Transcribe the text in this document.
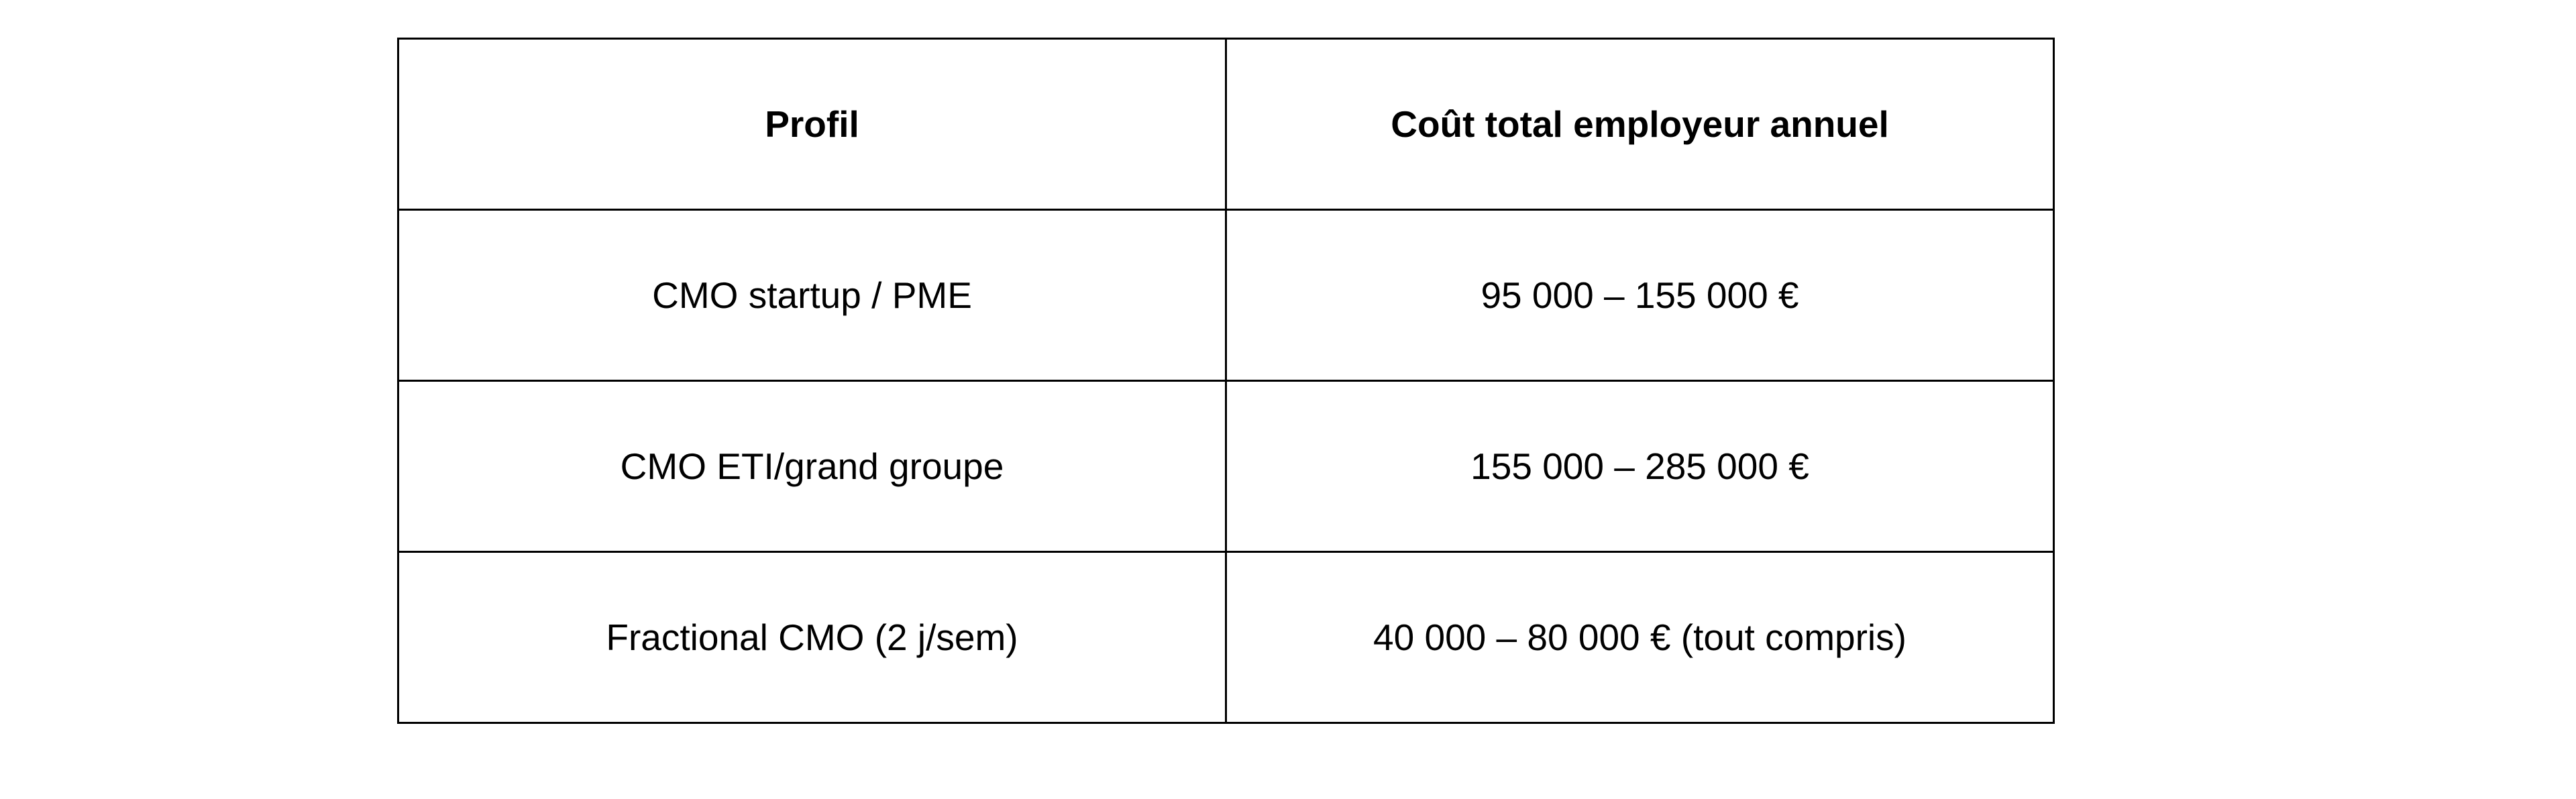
Profil	Coût total employeur annuel
CMO startup / PME	95 000 – 155 000 €
CMO ETI/grand groupe	155 000 – 285 000 €
Fractional CMO (2 j/sem)	40 000 – 80 000 € (tout compris)
